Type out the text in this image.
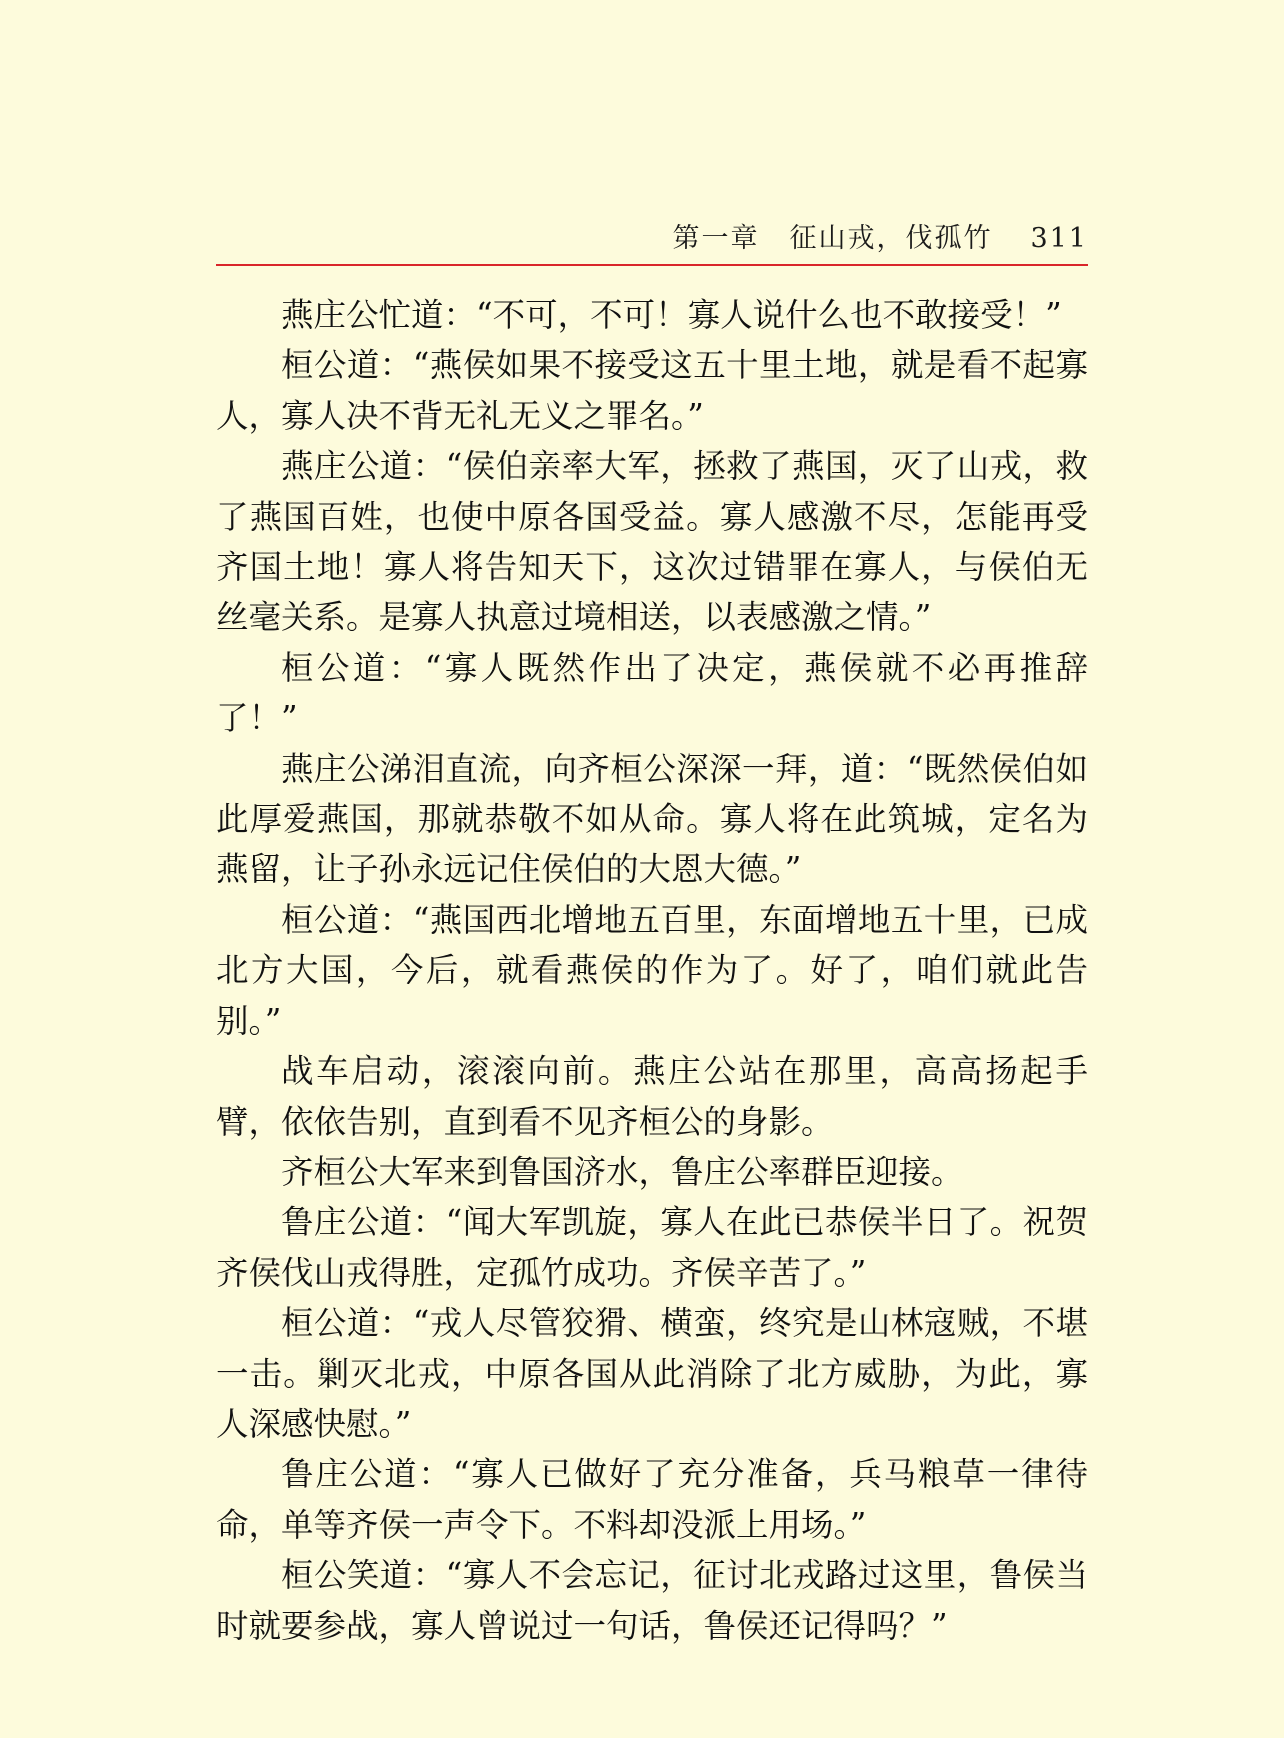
第一章 征山戎，伐孤竹 311

燕庄公忙道：“不可，不可！寡人说什么也不敢接受！”

桓公道：“燕侯如果不接受这五十里土地，就是看不起寡人，寡人决不背无礼无义之罪名。”

燕庄公道：“侯伯亲率大军，拯救了燕国，灭了山戎，救了燕国百姓，也使中原各国受益。寡人感激不尽，怎能再受齐国土地！寡人将告知天下，这次过错罪在寡人，与侯伯无丝毫关系。是寡人执意过境相送，以表感激之情。”

桓公道：“寡人既然作出了决定，燕侯就不必再推辞了！”

燕庄公涕泪直流，向齐桓公深深一拜，道：“既然侯伯如此厚爱燕国，那就恭敬不如从命。寡人将在此筑城，定名为燕留，让子孙永远记住侯伯的大恩大德。”

桓公道：“燕国西北增地五百里，东面增地五十里，已成北方大国，今后，就看燕侯的作为了。好了，咱们就此告别。”

战车启动，滚滚向前。燕庄公站在那里，高高扬起手臂，依依告别，直到看不见齐桓公的身影。

齐桓公大军来到鲁国济水，鲁庄公率群臣迎接。

鲁庄公道：“闻大军凯旋，寡人在此已恭侯半日了。祝贺齐侯伐山戎得胜，定孤竹成功。齐侯辛苦了。”

桓公道：“戎人尽管狡猾、横蛮，终究是山林寇贼，不堪一击。剿灭北戎，中原各国从此消除了北方威胁，为此，寡人深感快慰。”

鲁庄公道：“寡人已做好了充分准备，兵马粮草一律待命，单等齐侯一声令下。不料却没派上用场。”

桓公笑道：“寡人不会忘记，征讨北戎路过这里，鲁侯当时就要参战，寡人曾说过一句话，鲁侯还记得吗？”
